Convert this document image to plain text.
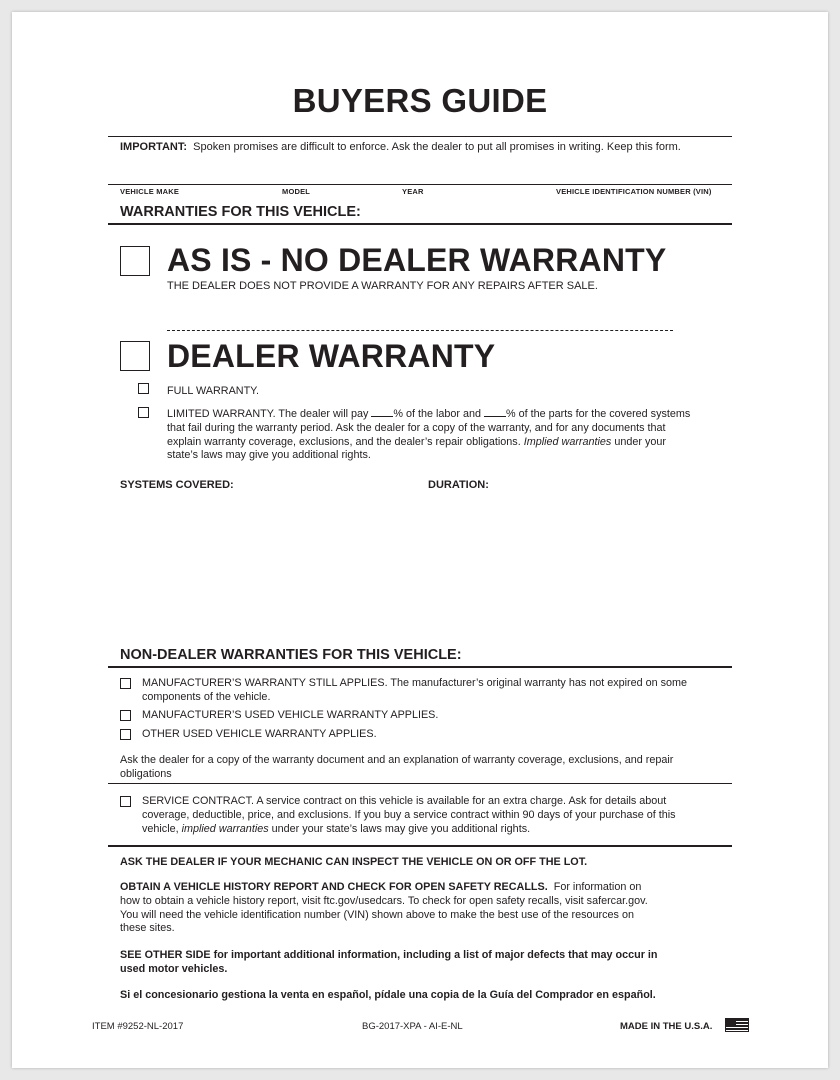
BUYERS GUIDE
IMPORTANT: Spoken promises are difficult to enforce. Ask the dealer to put all promises in writing. Keep this form.
VEHICLE MAKE	MODEL	YEAR	VEHICLE IDENTIFICATION NUMBER (VIN)
WARRANTIES FOR THIS VEHICLE:
AS IS - NO DEALER WARRANTY
THE DEALER DOES NOT PROVIDE A WARRANTY FOR ANY REPAIRS AFTER SALE.
DEALER WARRANTY
FULL WARRANTY.
LIMITED WARRANTY. The dealer will pay % of the labor and % of the parts for the covered systems
that fail during the warranty period. Ask the dealer for a copy of the warranty, and for any documents that
explain warranty coverage, exclusions, and the dealer’s repair obligations. Implied warranties under your
state’s laws may give you additional rights.
SYSTEMS COVERED:	DURATION:
NON-DEALER WARRANTIES FOR THIS VEHICLE:
MANUFACTURER’S WARRANTY STILL APPLIES. The manufacturer’s original warranty has not expired on some
components of the vehicle.
MANUFACTURER’S USED VEHICLE WARRANTY APPLIES.
OTHER USED VEHICLE WARRANTY APPLIES.
Ask the dealer for a copy of the warranty document and an explanation of warranty coverage, exclusions, and repair
obligations
SERVICE CONTRACT. A service contract on this vehicle is available for an extra charge. Ask for details about
coverage, deductible, price, and exclusions. If you buy a service contract within 90 days of your purchase of this
vehicle, implied warranties under your state’s laws may give you additional rights.
ASK THE DEALER IF YOUR MECHANIC CAN INSPECT THE VEHICLE ON OR OFF THE LOT.
OBTAIN A VEHICLE HISTORY REPORT AND CHECK FOR OPEN SAFETY RECALLS. For information on
how to obtain a vehicle history report, visit ftc.gov/usedcars. To check for open safety recalls, visit safercar.gov.
You will need the vehicle identification number (VIN) shown above to make the best use of the resources on
these sites.
SEE OTHER SIDE for important additional information, including a list of major defects that may occur in
used motor vehicles.
Si el concesionario gestiona la venta en español, pídale una copia de la Guía del Comprador en español.
ITEM #9252-NL-2017	BG-2017-XPA - AI-E-NL	MADE IN THE U.S.A.
